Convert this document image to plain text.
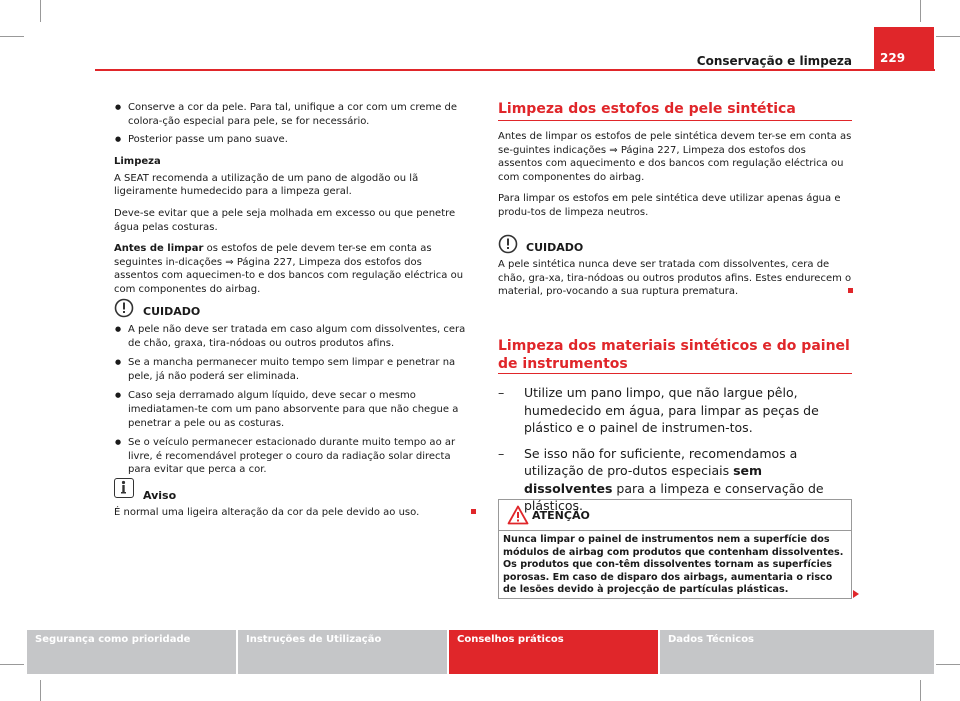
Conservação e limpeza	229

● Conserve a cor da pele. Para tal, unifique a cor com um creme de colora-ção especial para pele, se for necessário.

● Posterior passe um pano suave.

Limpeza

A SEAT recomenda a utilização de um pano de algodão ou lã ligeiramente humedecido para a limpeza geral.

Deve-se evitar que a pele seja molhada em excesso ou que penetre água pelas costuras.

Antes de limpar os estofos de pele devem ter-se em conta as seguintes in-dicações ⇒ Página 227, Limpeza dos estofos dos assentos com aquecimen-to e dos bancos com regulação eléctrica ou com componentes do airbag.

CUIDADO

● A pele não deve ser tratada em caso algum com dissolventes, cera de chão, graxa, tira-nódoas ou outros produtos afins.

● Se a mancha permanecer muito tempo sem limpar e penetrar na pele, já não poderá ser eliminada.

● Caso seja derramado algum líquido, deve secar o mesmo imediatamen-te com um pano absorvente para que não chegue a penetrar a pele ou as costuras.

● Se o veículo permanecer estacionado durante muito tempo ao ar livre, é recomendável proteger o couro da radiação solar directa para evitar que perca a cor.

Aviso

É normal uma ligeira alteração da cor da pele devido ao uso.

Limpeza dos estofos de pele sintética

Antes de limpar os estofos de pele sintética devem ter-se em conta as se-guintes indicações ⇒ Página 227, Limpeza dos estofos dos assentos com aquecimento e dos bancos com regulação eléctrica ou com componentes do airbag.

Para limpar os estofos em pele sintética deve utilizar apenas água e produ-tos de limpeza neutros.

CUIDADO

A pele sintética nunca deve ser tratada com dissolventes, cera de chão, gra-xa, tira-nódoas ou outros produtos afins. Estes endurecem o material, pro-vocando a sua ruptura prematura.

Limpeza dos materiais sintéticos e do painel de instrumentos

– Utilize um pano limpo, que não largue pêlo, humedecido em água, para limpar as peças de plástico e o painel de instrumen-tos.

– Se isso não for suficiente, recomendamos a utilização de pro-dutos especiais sem dissolventes para a limpeza e conservação de plásticos.

ATENÇÃO

Nunca limpar o painel de instrumentos nem a superfície dos módulos de airbag com produtos que contenham dissolventes. Os produtos que con-têm dissolventes tornam as superfícies porosas. Em caso de disparo dos airbags, aumentaria o risco de lesões devido à projecção de partículas plásticas.

Segurança como prioridade	Instruções de Utilização	Conselhos práticos	Dados Técnicos
